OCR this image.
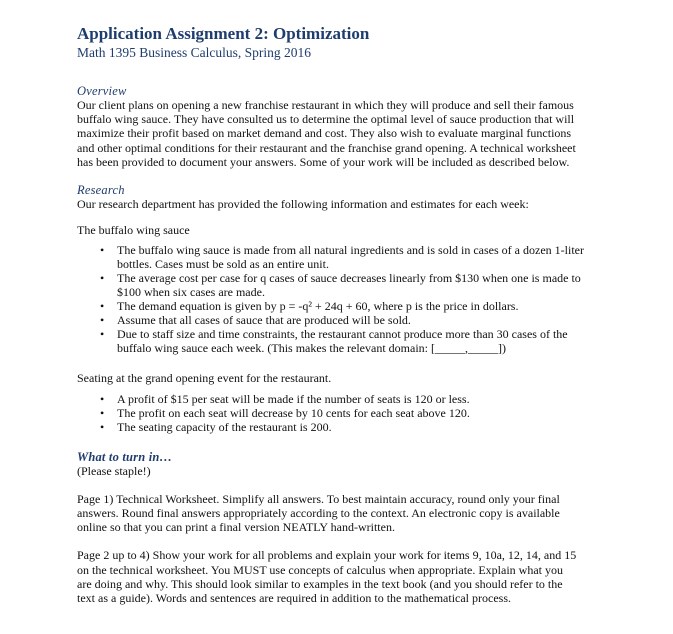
Application Assignment 2: Optimization
Math 1395 Business Calculus, Spring 2016
Overview

Our client plans on opening a new franchise restaurant in which they will produce and sell their famous
buffalo wing sauce. They have consulted us to determine the optimal level of sauce production that will
maximize their profit based on market demand and cost. They also wish to evaluate marginal functions
and other optimal conditions for their restaurant and the franchise grand opening. A technical worksheet
has been provided to document your answers. Some of your work will be included as described below.

Research

Our research department has provided the following information and estimates for each week:

The buffalo wing sauce

• The buffalo wing sauce is made from all natural ingredients and is sold in cases of a dozen 1-liter
bottles. Cases must be sold as an entire unit.
• The average cost per case for q cases of sauce decreases linearly from $130 when one is made to
$100 when six cases are made.
• The demand equation is given by p = -q² + 24q + 60, where p is the price in dollars.
• Assume that all cases of sauce that are produced will be sold.
• Due to staff size and time constraints, the restaurant cannot produce more than 30 cases of the
buffalo wing sauce each week. (This makes the relevant domain: [_____,_____])

Seating at the grand opening event for the restaurant.

• A profit of $15 per seat will be made if the number of seats is 120 or less.
• The profit on each seat will decrease by 10 cents for each seat above 120.
• The seating capacity of the restaurant is 200.
What to turn in…

(Please staple!)

Page 1) Technical Worksheet. Simplify all answers. To best maintain accuracy, round only your final
answers. Round final answers appropriately according to the context. An electronic copy is available
online so that you can print a final version NEATLY hand-written.

Page 2 up to 4) Show your work for all problems and explain your work for items 9, 10a, 12, 14, and 15
on the technical worksheet. You MUST use concepts of calculus when appropriate. Explain what you
are doing and why. This should look similar to examples in the text book (and you should refer to the
text as a guide). Words and sentences are required in addition to the mathematical process.
